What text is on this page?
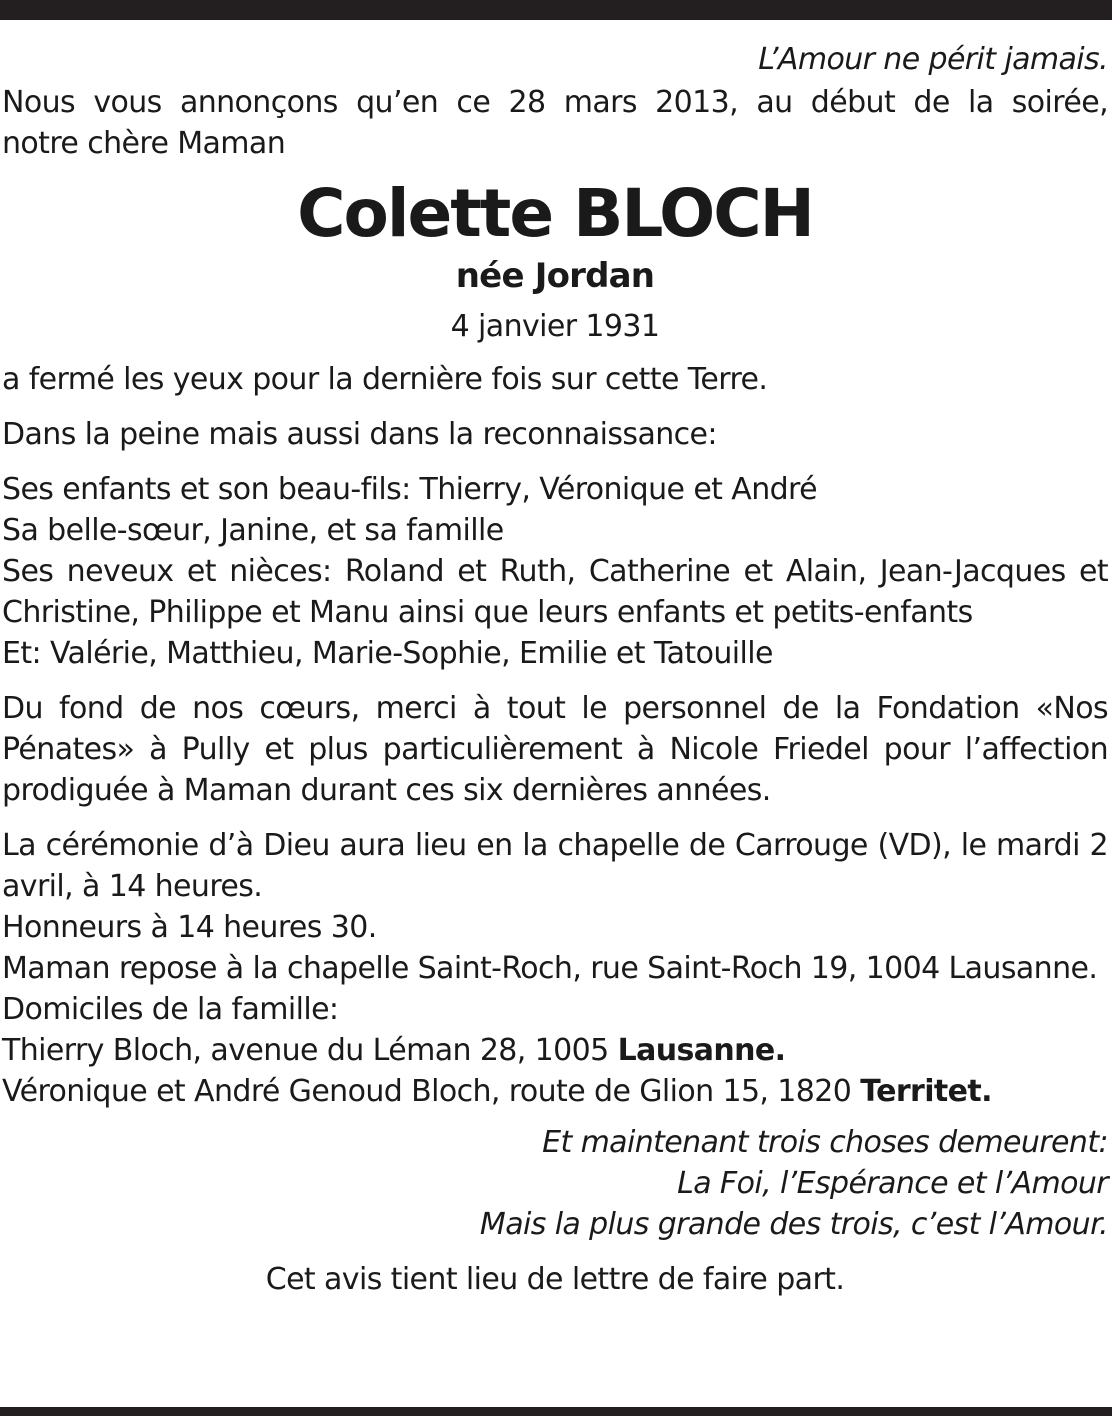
L’Amour ne périt jamais.

Nous vous annonçons qu’en ce 28 mars 2013, au début de la soirée,

notre chère Maman

Colette BLOCH

née Jordan

4 janvier 1931

a fermé les yeux pour la dernière fois sur cette Terre.

Dans la peine mais aussi dans la reconnaissance:

Ses enfants et son beau-fils: Thierry, Véronique et André

Sa belle-sœur, Janine, et sa famille

Ses neveux et nièces: Roland et Ruth, Catherine et Alain, Jean-Jacques et Christine, Philippe et Manu ainsi que leurs enfants et petits-enfants

Et: Valérie, Matthieu, Marie-Sophie, Emilie et Tatouille

Du fond de nos cœurs, merci à tout le personnel de la Fondation «Nos Pénates» à Pully et plus particulièrement à Nicole Friedel pour l’affection prodiguée à Maman durant ces six dernières années.

La cérémonie d’à Dieu aura lieu en la chapelle de Carrouge (VD), le mardi 2 avril, à 14 heures.

Honneurs à 14 heures 30.

Maman repose à la chapelle Saint-Roch, rue Saint-Roch 19, 1004 Lausanne.

Domiciles de la famille:

Thierry Bloch, avenue du Léman 28, 1005 Lausanne.

Véronique et André Genoud Bloch, route de Glion 15, 1820 Territet.

Et maintenant trois choses demeurent:

La Foi, l’Espérance et l’Amour

Mais la plus grande des trois, c’est l’Amour.

Cet avis tient lieu de lettre de faire part.
